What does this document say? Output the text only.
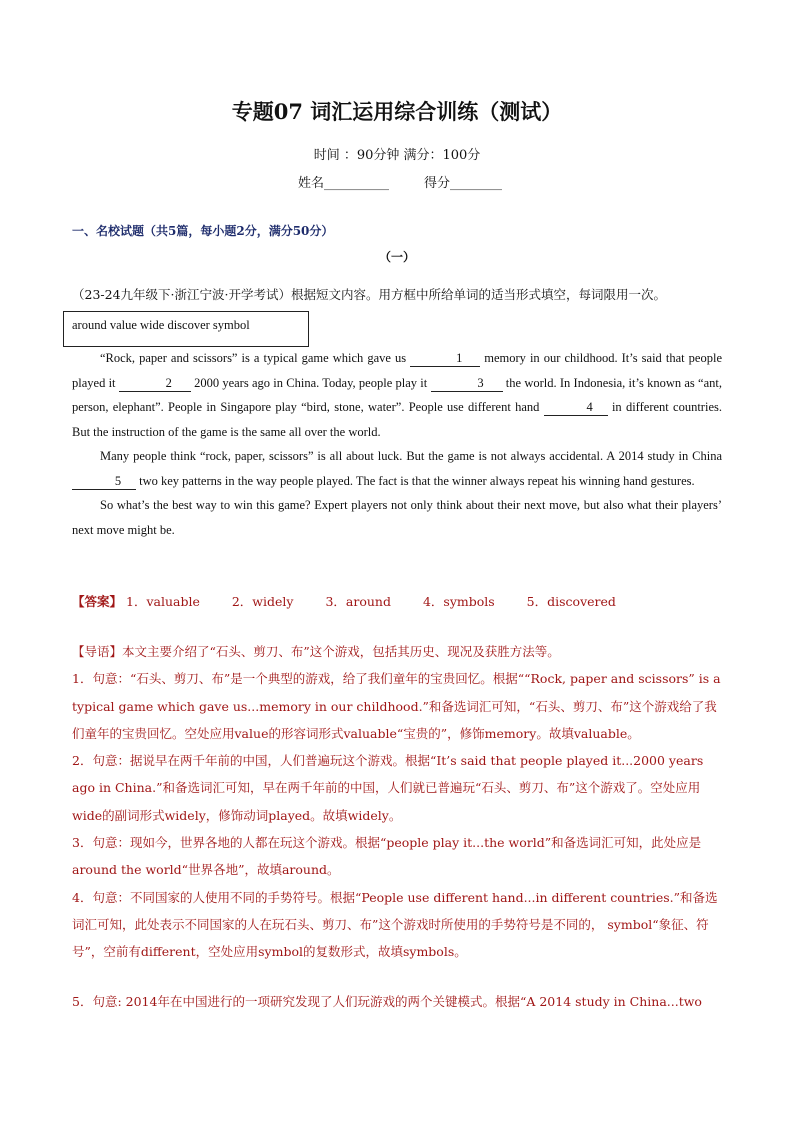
专题07 词汇运用综合训练（测试）
时间 ：90分钟 满分：100分
姓名__________	得分________
一、名校试题（共5篇，每小题2分，满分50分）
（一）
（23-24九年级下·浙江宁波·开学考试）根据短文内容。用方框中所给单词的适当形式填空，每词限用一次。
around value wide discover symbol

“Rock, paper and scissors” is a typical game which gave us	1 memory in our childhood. It’s said that people played it	2 2000 years ago in China. Today, people play it	3 the world. In Indonesia, it’s known as “ant, person, elephant”. People in Singapore play “bird, stone, water”. People use different hand	4 in different countries. But the instruction of the game is the same all over the world.

Many people think “rock, paper, scissors” is all about luck. But the game is not always accidental. A 2014 study in China 5 two key patterns in the way people played. The fact is that the winner always repeat his winning hand gestures.

So what’s the best way to win this game? Expert players not only think about their next move, but also what their players’ next move might be.

【答案】 1．valuable	2．widely	3．around	4．symbols	5．discovered

【导语】本文主要介绍了“石头、剪刀、布”这个游戏，包括其历史、现况及获胜方法等。

1．句意：“石头、剪刀、布”是一个典型的游戏，给了我们童年的宝贵回忆。根据““Rock, paper and scissors” is a typical game which gave us...memory in our childhood.”和备选词汇可知，“石头、剪刀、布”这个游戏给了我们童年的宝贵回忆。空处应用value的形容词形式valuable“宝贵的”，修饰memory。故填valuable。

2．句意：据说早在两千年前的中国，人们普遍玩这个游戏。根据“It’s said that people played it...2000 years ago in China.”和备选词汇可知，早在两千年前的中国，人们就已普遍玩“石头、剪刀、布”这个游戏了。空处应用wide的副词形式widely，修饰动词played。故填widely。

3．句意：现如今，世界各地的人都在玩这个游戏。根据“people play it...the world”和备选词汇可知，此处应是around the world“世界各地”，故填around。

4．句意：不同国家的人使用不同的手势符号。根据“People use different hand...in different countries.”和备选词汇可知，此处表示不同国家的人在玩石头、剪刀、布”这个游戏时所使用的手势符号是不同的， symbol“象征、符号”，空前有different，空处应用symbol的复数形式，故填symbols。

5．句意: 2014年在中国进行的一项研究发现了人们玩游戏的两个关键模式。根据“A 2014 study in China...two
